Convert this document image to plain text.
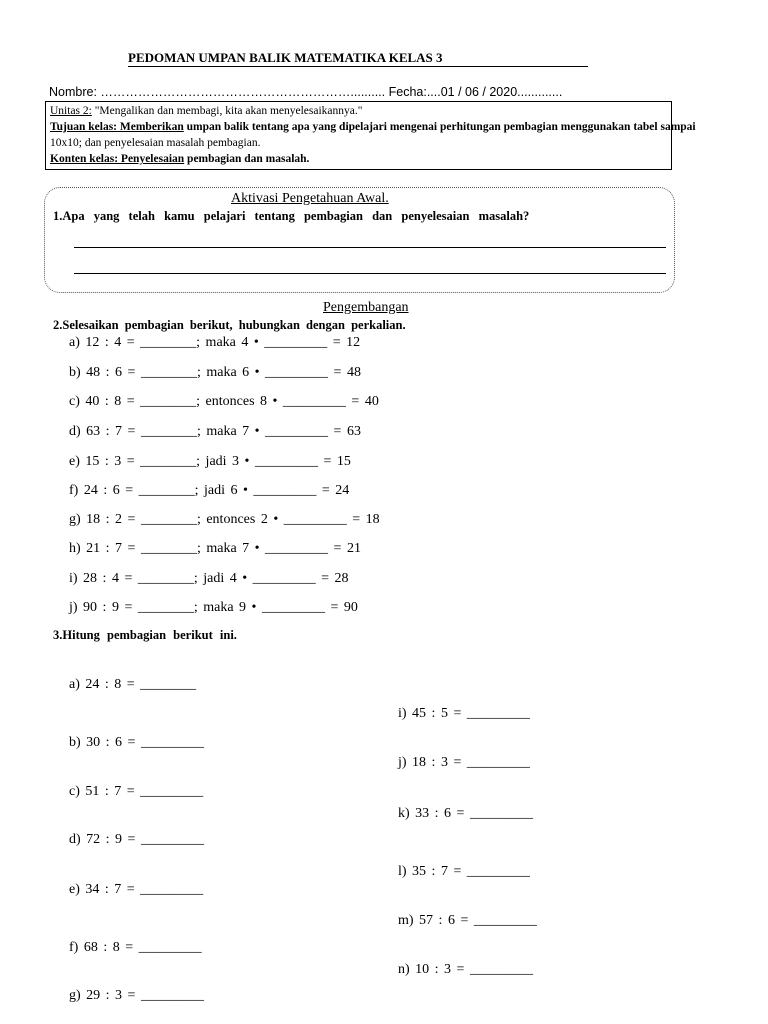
PEDOMAN UMPAN BALIK MATEMATIKA KELAS 3
Nombre: …………………………………………………….......... Fecha:....01 / 06 / 2020.............
Unitas 2: "Mengalikan dan membagi, kita akan menyelesaikannya."
Tujuan kelas: Memberikan umpan balik tentang apa yang dipelajari mengenai perhitungan pembagian menggunakan tabel sampai
10x10; dan penyelesaian masalah pembagian.
Konten kelas: Penyelesaian pembagian dan masalah.
Aktivasi Pengetahuan Awal.
1.Apa yang telah kamu pelajari tentang pembagian dan penyelesaian masalah?
Pengembangan
2.Selesaikan pembagian berikut, hubungkan dengan perkalian.
a) 12 : 4 = ________; maka 4 • _________ = 12
b) 48 : 6 = ________; maka 6 • _________ = 48
c) 40 : 8 = ________; entonces 8 • _________ = 40
d) 63 : 7 = ________; maka 7 • _________ = 63
e) 15 : 3 = ________; jadi 3 • _________ = 15
f) 24 : 6 = ________; jadi 6 • _________ = 24
g) 18 : 2 = ________; entonces 2 • _________ = 18
h) 21 : 7 = ________; maka 7 • _________ = 21
i) 28 : 4 = ________; jadi 4 • _________ = 28
j) 90 : 9 = ________; maka 9 • _________ = 90
3.Hitung pembagian berikut ini.
a) 24 : 8 = ________
b) 30 : 6 = _________
c) 51 : 7 = _________
d) 72 : 9 = _________
e) 34 : 7 = _________
f) 68 : 8 = _________
g) 29 : 3 = _________
i) 45 : 5 = _________
j) 18 : 3 = _________
k) 33 : 6 = _________
l) 35 : 7 = _________
m) 57 : 6 = _________
n) 10 : 3 = _________
